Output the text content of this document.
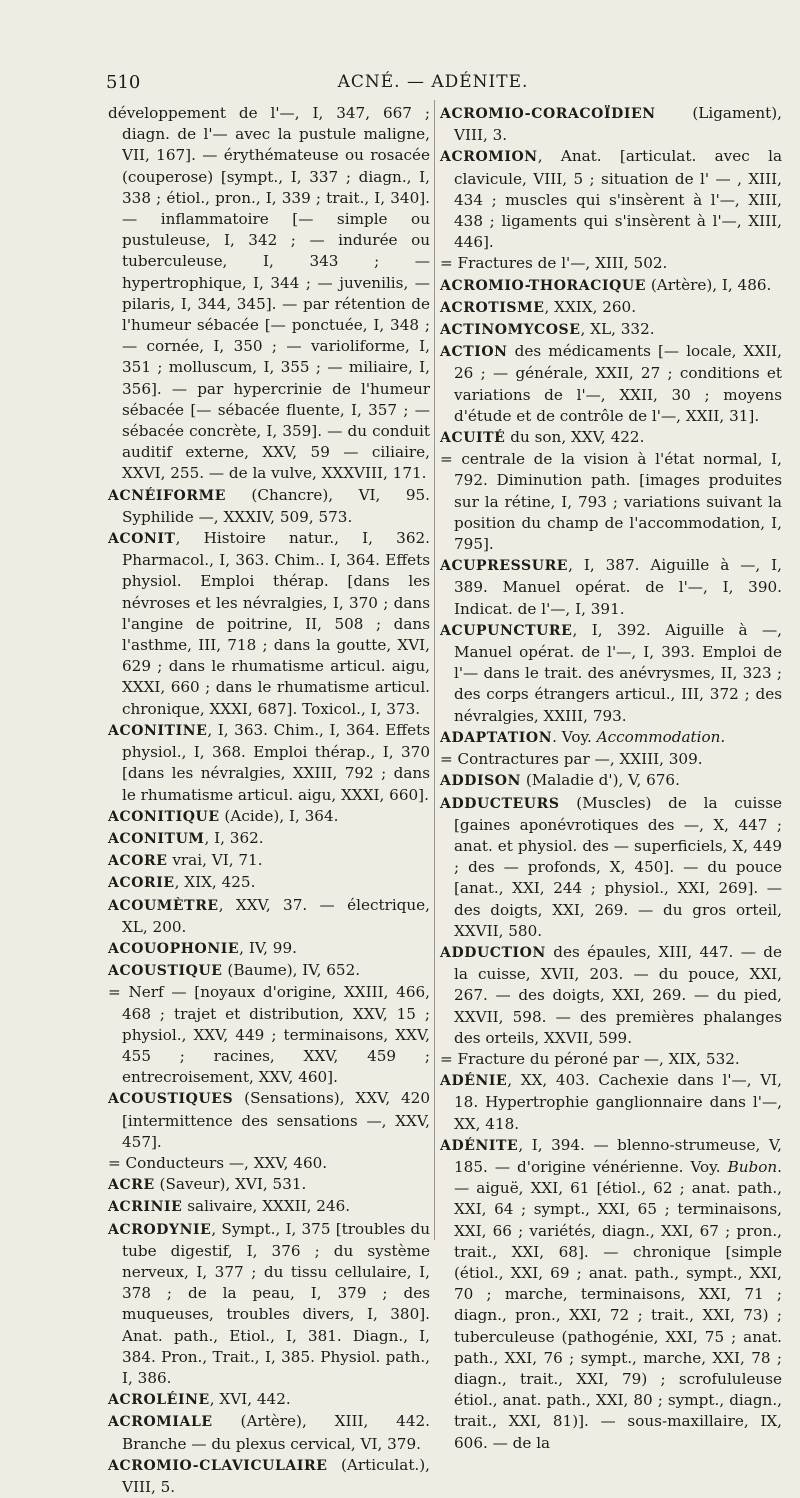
510	ACNÉ. — ADÉNITE.

développement de l'—, I, 347, 667 ; diagn. de l'— avec la pustule maligne, VII, 167]. — érythémateuse ou rosacée (couperose) [sympt., I, 337 ; diagn., I, 338 ; étiol., pron., I, 339 ; trait., I, 340]. — inflammatoire [— simple ou pustuleuse, I, 342 ; — indurée ou tuberculeuse, I, 343 ; — hypertrophique, I, 344 ; — juvenilis, — pilaris, I, 344, 345]. — par rétention de l'humeur sébacée [— ponctuée, I, 348 ; — cornée, I, 350 ; — varioliforme, I, 351 ; molluscum, I, 355 ; — miliaire, I, 356]. — par hypercrinie de l'humeur sébacée [— sébacée fluente, I, 357 ; — sébacée concrète, I, 359]. — du conduit auditif externe, XXV, 59 — ciliaire, XXVI, 255. — de la vulve, XXXVIII, 171.

ACNÉIFORME (Chancre), VI, 95. Syphilide —, XXXIV, 509, 573.

ACONIT, Histoire natur., I, 362. Pharmacol., I, 363. Chim.. I, 364. Effets physiol. Emploi thérap. [dans les névroses et les névralgies, I, 370 ; dans l'angine de poitrine, II, 508 ; dans l'asthme, III, 718 ; dans la goutte, XVI, 629 ; dans le rhumatisme articul. aigu, XXXI, 660 ; dans le rhumatisme articul. chronique, XXXI, 687]. Toxicol., I, 373.

ACONITINE, I, 363. Chim., I, 364. Effets physiol., I, 368. Emploi thérap., I, 370 [dans les névralgies, XXIII, 792 ; dans le rhumatisme articul. aigu, XXXI, 660].

ACONITIQUE (Acide), I, 364.

ACONITUM, I, 362.

ACORE vrai, VI, 71.

ACORIE, XIX, 425.

ACOUMÈTRE, XXV, 37. — électrique, XL, 200.

ACOUOPHONIE, IV, 99.

ACOUSTIQUE (Baume), IV, 652.

= Nerf — [noyaux d'origine, XXIII, 466, 468 ; trajet et distribution, XXV, 15 ; physiol., XXV, 449 ; terminaisons, XXV, 455 ; racines, XXV, 459 ; entrecroisement, XXV, 460].

ACOUSTIQUES (Sensations), XXV, 420 [intermittence des sensations —, XXV, 457].

= Conducteurs —, XXV, 460.

ACRE (Saveur), XVI, 531.

ACRINIE salivaire, XXXII, 246.

ACRODYNIE, Sympt., I, 375 [troubles du tube digestif, I, 376 ; du système nerveux, I, 377 ; du tissu cellulaire, I, 378 ; de la peau, I, 379 ; des muqueuses, troubles divers, I, 380]. Anat. path., Etiol., I, 381. Diagn., I, 384. Pron., Trait., I, 385. Physiol. path., I, 386.

ACROLÉINE, XVI, 442.

ACROMIALE (Artère), XIII, 442. Branche — du plexus cervical, VI, 379.

ACROMIO-CLAVICULAIRE (Articulat.), VIII, 5.

ACROMIO-CORACOÏDIEN (Ligament), VIII, 3.

ACROMION, Anat. [articulat. avec la clavicule, VIII, 5 ; situation de l' — , XIII, 434 ; muscles qui s'insèrent à l'—, XIII, 438 ; ligaments qui s'insèrent à l'—, XIII, 446].

= Fractures de l'—, XIII, 502.

ACROMIO-THORACIQUE (Artère), I, 486.

ACROTISME, XXIX, 260.

ACTINOMYCOSE, XL, 332.

ACTION des médicaments [— locale, XXII, 26 ; — générale, XXII, 27 ; conditions et variations de l'—, XXII, 30 ; moyens d'étude et de contrôle de l'—, XXII, 31].

ACUITÉ du son, XXV, 422.

= centrale de la vision à l'état normal, I, 792. Diminution path. [images produites sur la rétine, I, 793 ; variations suivant la position du champ de l'accommodation, I, 795].

ACUPRESSURE, I, 387. Aiguille à —, I, 389. Manuel opérat. de l'—, I, 390. Indicat. de l'—, I, 391.

ACUPUNCTURE, I, 392. Aiguille à —, Manuel opérat. de l'—, I, 393. Emploi de l'— dans le trait. des anévrysmes, II, 323 ; des corps étrangers articul., III, 372 ; des névralgies, XXIII, 793.

ADAPTATION. Voy. Accommodation.

= Contractures par —, XXIII, 309.

ADDISON (Maladie d'), V, 676.

ADDUCTEURS (Muscles) de la cuisse [gaines aponévrotiques des —, X, 447 ; anat. et physiol. des — superficiels, X, 449 ; des — profonds, X, 450]. — du pouce [anat., XXI, 244 ; physiol., XXI, 269]. — des doigts, XXI, 269. — du gros orteil, XXVII, 580.

ADDUCTION des épaules, XIII, 447. — de la cuisse, XVII, 203. — du pouce, XXI, 267. — des doigts, XXI, 269. — du pied, XXVII, 598. — des premières phalanges des orteils, XXVII, 599.

= Fracture du péroné par —, XIX, 532.

ADÉNIE, XX, 403. Cachexie dans l'—, VI, 18. Hypertrophie ganglionnaire dans l'—, XX, 418.

ADÉNITE, I, 394. — blenno-strumeuse, V, 185. — d'origine vénérienne. Voy. Bubon. — aiguë, XXI, 61 [étiol., 62 ; anat. path., XXI, 64 ; sympt., XXI, 65 ; terminaisons, XXI, 66 ; variétés, diagn., XXI, 67 ; pron., trait., XXI, 68]. — chronique [simple (étiol., XXI, 69 ; anat. path., sympt., XXI, 70 ; marche, terminaisons, XXI, 71 ; diagn., pron., XXI, 72 ; trait., XXI, 73) ; tuberculeuse (pathogénie, XXI, 75 ; anat. path., XXI, 76 ; sympt., marche, XXI, 78 ; diagn., trait., XXI, 79) ; scrofululeuse étiol., anat. path., XXI, 80 ; sympt., diagn., trait., XXI, 81)]. — sous-maxillaire, IX, 606. — de la
